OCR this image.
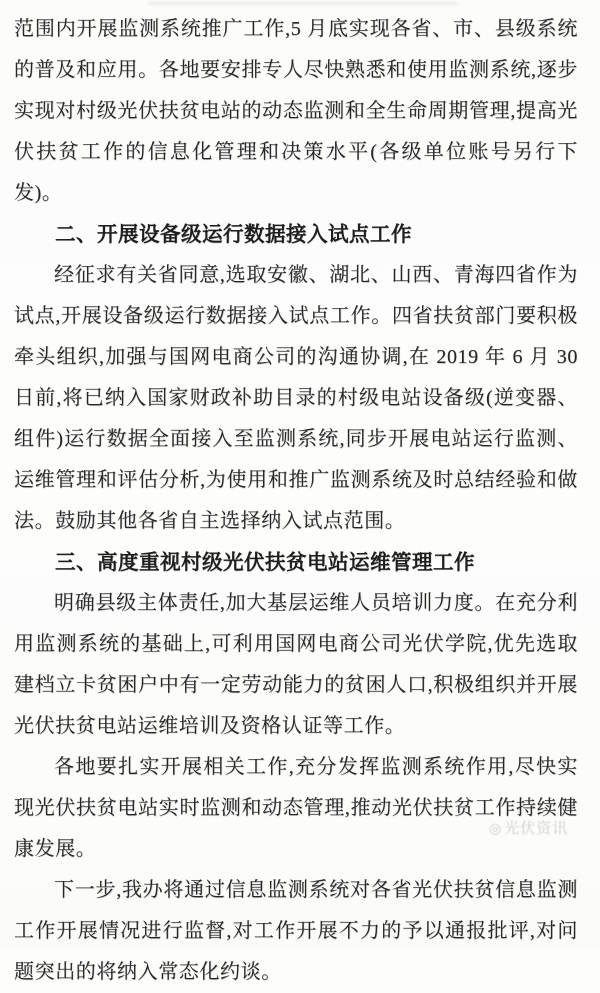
范围内开展监测系统推广工作,5 月底实现各省、市、县级系统的普及和应用。各地要安排专人尽快熟悉和使用监测系统,逐步实现对村级光伏扶贫电站的动态监测和全生命周期管理,提高光伏扶贫工作的信息化管理和决策水平(各级单位账号另行下发)。

二、开展设备级运行数据接入试点工作

经征求有关省同意,选取安徽、湖北、山西、青海四省作为试点,开展设备级运行数据接入试点工作。四省扶贫部门要积极牵头组织,加强与国网电商公司的沟通协调,在 2019 年 6 月 30 日前,将已纳入国家财政补助目录的村级电站设备级(逆变器、组件)运行数据全面接入至监测系统,同步开展电站运行监测、运维管理和评估分析,为使用和推广监测系统及时总结经验和做法。鼓励其他各省自主选择纳入试点范围。

三、高度重视村级光伏扶贫电站运维管理工作

明确县级主体责任,加大基层运维人员培训力度。在充分利用监测系统的基础上,可利用国网电商公司光伏学院,优先选取建档立卡贫困户中有一定劳动能力的贫困人口,积极组织并开展光伏扶贫电站运维培训及资格认证等工作。

各地要扎实开展相关工作,充分发挥监测系统作用,尽快实现光伏扶贫电站实时监测和动态管理,推动光伏扶贫工作持续健康发展。

下一步,我办将通过信息监测系统对各省光伏扶贫信息监测工作开展情况进行监督,对工作开展不力的予以通报批评,对问题突出的将纳入常态化约谈。

◎ 光伏资讯
